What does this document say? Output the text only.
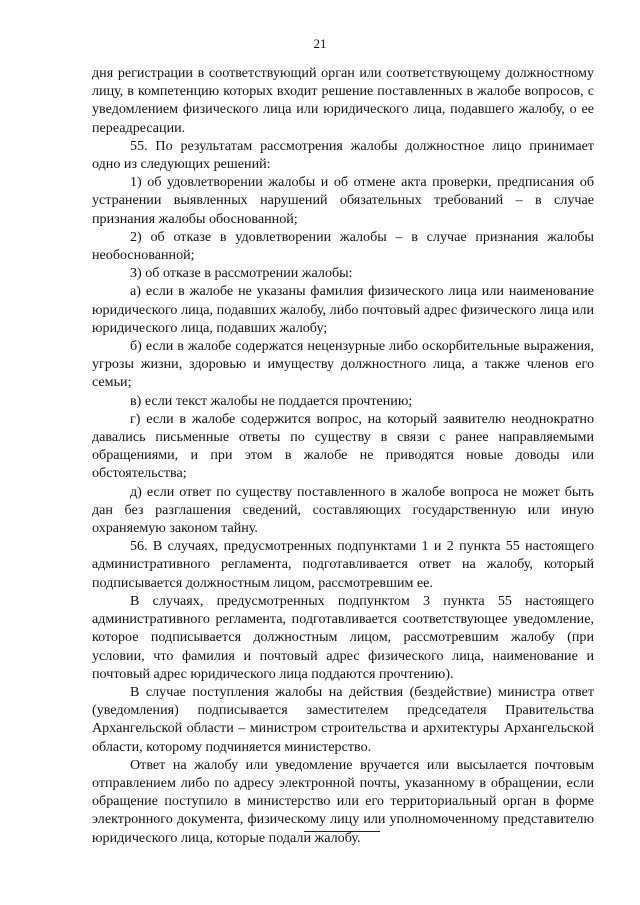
21

дня регистрации в соответствующий орган или соответствующему должностному лицу, в компетенцию которых входит решение поставленных в жалобе вопросов, с уведомлением физического лица или юридического лица, подавшего жалобу, о ее переадресации.

55. По результатам рассмотрения жалобы должностное лицо принимает одно из следующих решений:

1) об удовлетворении жалобы и об отмене акта проверки, предписания об устранении выявленных нарушений обязательных требований – в случае признания жалобы обоснованной;

2) об отказе в удовлетворении жалобы – в случае признания жалобы необоснованной;

3) об отказе в рассмотрении жалобы:

а) если в жалобе не указаны фамилия физического лица или наименование юридического лица, подавших жалобу, либо почтовый адрес физического лица или юридического лица, подавших жалобу;

б) если в жалобе содержатся нецензурные либо оскорбительные выражения, угрозы жизни, здоровью и имуществу должностного лица, а также членов его семьи;

в) если текст жалобы не поддается прочтению;

г) если в жалобе содержится вопрос, на который заявителю неоднократно давались письменные ответы по существу в связи с ранее направляемыми обращениями, и при этом в жалобе не приводятся новые доводы или обстоятельства;

д) если ответ по существу поставленного в жалобе вопроса не может быть дан без разглашения сведений, составляющих государственную или иную охраняемую законом тайну.

56. В случаях, предусмотренных подпунктами 1 и 2 пункта 55 настоящего административного регламента, подготавливается ответ на жалобу, который подписывается должностным лицом, рассмотревшим ее.

В случаях, предусмотренных подпунктом 3 пункта 55 настоящего административного регламента, подготавливается соответствующее уведомление, которое подписывается должностным лицом, рассмотревшим жалобу (при условии, что фамилия и почтовый адрес физического лица, наименование и почтовый адрес юридического лица поддаются прочтению).

В случае поступления жалобы на действия (бездействие) министра ответ (уведомления) подписывается заместителем председателя Правительства Архангельской области – министром строительства и архитектуры Архангельской области, которому подчиняется министерство.

Ответ на жалобу или уведомление вручается или высылается почтовым отправлением либо по адресу электронной почты, указанному в обращении, если обращение поступило в министерство или его территориальный орган в форме электронного документа, физическому лицу или уполномоченному представителю юридического лица, которые подали жалобу.
